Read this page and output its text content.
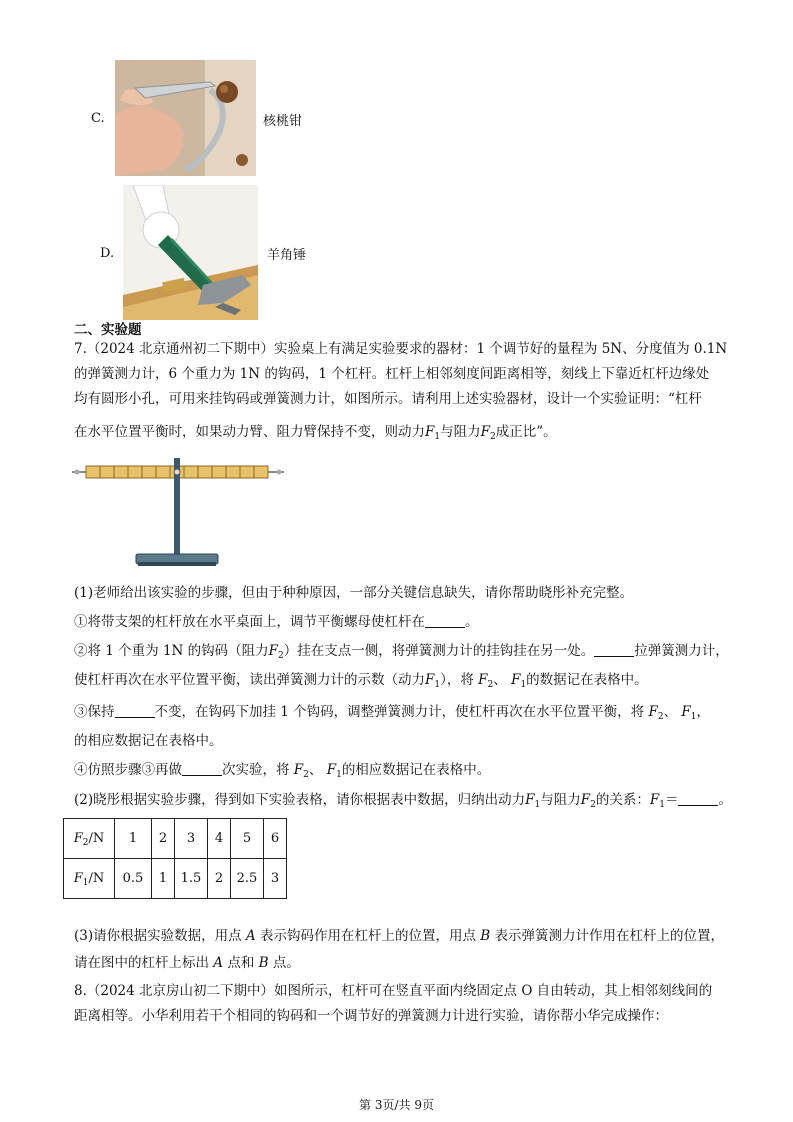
C.	核桃钳
D.	羊角锤
二、实验题
7.（2024 北京通州初二下期中）实验桌上有满足实验要求的器材：1 个调节好的量程为 5N、分度值为 0.1N
的弹簧测力计，6 个重力为 1N 的钩码，1 个杠杆。杠杆上相邻刻度间距离相等，刻线上下靠近杠杆边缘处
均有圆形小孔，可用来挂钩码或弹簧测力计，如图所示。请利用上述实验器材，设计一个实验证明：“杠杆
在水平位置平衡时，如果动力臂、阻力臂保持不变，则动力$F_1$与阻力$F_2$成正比”。
(1)老师给出该实验的步骤，但由于种种原因，一部分关键信息缺失，请你帮助晓彤补充完整。
①将带支架的杠杆放在水平桌面上，调节平衡螺母使杠杆在	。
②将 1 个重为 1N 的钩码（阻力$F_2$）挂在支点一侧，将弹簧测力计的挂钩挂在另一处。	拉弹簧测力计，
使杠杆再次在水平位置平衡，读出弹簧测力计的示数（动力$F_1$），将 $F_2$、 $F_1$的数据记在表格中。
③保持	不变，在钩码下加挂 1 个钩码，调整弹簧测力计，使杠杆再次在水平位置平衡，将 $F_2$、 $F_1$，
的相应数据记在表格中。
④仿照步骤③再做	次实验，将 $F_2$、 $F_1$的相应数据记在表格中。
(2)晓彤根据实验步骤，得到如下实验表格，请你根据表中数据，归纳出动力$F_1$与阻力$F_2$的关系：$F_1=$	。
$F_2/N$	1	2	3	4	5	6
$F_1/N$	0.5	1	1.5	2	2.5	3
(3)请你根据实验数据，用点 A 表示钩码作用在杠杆上的位置，用点 B 表示弹簧测力计作用在杠杆上的位置，
请在图中的杠杆上标出 A 点和 B 点。
8.（2024 北京房山初二下期中）如图所示，杠杆可在竖直平面内绕固定点 O 自由转动，其上相邻刻线间的
距离相等。小华利用若干个相同的钩码和一个调节好的弹簧测力计进行实验，请你帮小华完成操作：
第 3页/共 9页
